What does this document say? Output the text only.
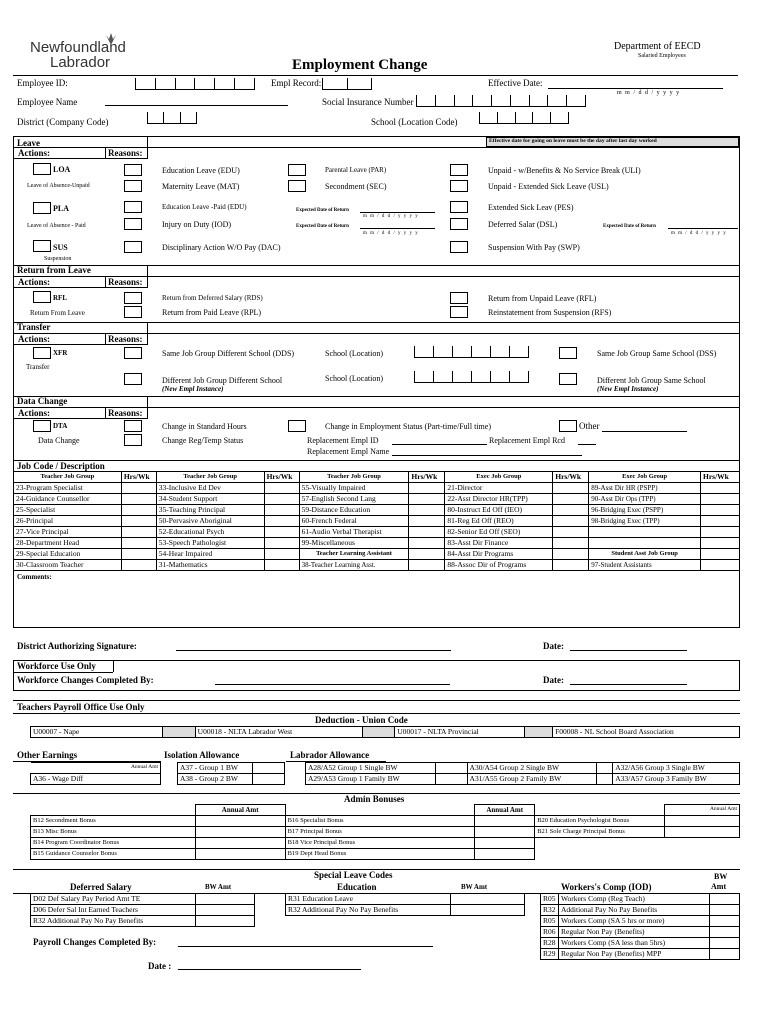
Newfoundland
Labrador
Department of EECD
Salaried Employees
Employment Change
Employee ID:	Empl Record:	Effective Date:
m m / d d / y y y y
Employee Name	Social Insurance Number
District (Company Code)	School (Location Code)
Leave	Effective date for going on leave must be the day after last day worked
Actions:	Reasons:
LOA
Leave of Absence-Unpaid
Education Leave (EDU)	Parental Leave (PAR)	Unpaid - w/Benefits & No Service Break (ULI)
Maternity Leave (MAT)	Secondment (SEC)	Unpaid - Extended Sick Leave (USL)
PLA
Leave of Absence - Paid
Education Leave -Paid (EDU)	Expected Date of Return
m m / d d / y y y y
Extended Sick Leav (PES)
Injury on Duty (IOD)	Expected Date of Return
m m / d d / y y y y
Deferred Salar (DSL)	Expected Date of Return
m m / d d / y y y y
SUS
Suspension
Disciplinary Action W/O Pay (DAC)	Suspension With Pay (SWP)
Return from Leave
Actions:	Reasons:
RFL
Return From Leave
Return from Deferred Salary (RDS)	Return from Unpaid Leave (RFL)
Return from Paid Leave (RPL)	Reinstatement from Suspension (RFS)
Transfer
Actions:	Reasons:
XFR
Transfer
Same Job Group Different School (DDS)	School (Location)	Same Job Group Same School (DSS)
Different Job Group Different School
(New Empl Instance)
School (Location)	Different Job Group Same School
(New Empl Instance)
Data Change
Actions:	Reasons:
DTA
Data Change
Change in Standard Hours	Change in Employment Status (Part-time/Full time)	Other
Change Reg/Temp Status	Replacement Empl ID	Replacement Empl Rcd
Replacement Empl Name
Job Code / Description
Teacher Job Group	Hrs/Wk	Teacher Job Group	Hrs/Wk	Teacher Job Group	Hrs/Wk	Exec Job Group	Hrs/Wk	Exec Job Group	Hrs/Wk
23-Program Specialist		33-Inclusive Ed Dev		55-Visually Impaired		21-Director		89-Asst Dir HR (PSPP)	
24-Guidance Counsellor		34-Student Support		57-English Second Lang		22-Asst Director HR(TPP)		90-Asst Dir Ops (TPP)	
25-Specialist		35-Teaching Principal		59-Distance Education		80-Instruct Ed Off (IEO)		96-Bridging Exec (PSPP)	
26-Principal		50-Pervasive Aboriginal		60-French Federal		81-Reg Ed Off (REO)		98-Bridging Exec (TPP)	
27-Vice Principal		52-Educational Psych		61-Audio Verbal Therapist		82-Senior Ed Off (SEO)			
28-Department Head		53-Speech Pathologist		99-Miscellaneous		83-Asst Dir Finance			
29-Special Education		54-Hear Impaired		Teacher Learning Assistant		84-Asst Dir Programs		Student Asst Job Group	
30-Classroom Teacher		31-Mathematics		38-Teacher Learning Asst.		88-Assoc Dir of Programs		97-Student Assistants	
Comments:
District Authorizing Signature:	Date:
Workforce Use Only
Workforce Changes Completed By:	Date:
Teachers Payroll Office Use Only
Deduction - Union Code
U00007 - Nape		U00018 - NLTA Labrador West		U00017 - NLTA Provincial		F00008 - NL School Board Association
Other Earnings
Annual Amt
A36 - Wage Diff
Isolation Allowance
A37 - Group 1 BW	
A38 - Group 2 BW	
Labrador Allowance
A28/A52 Group 1 Single BW		A30/A54 Group 2 Single BW		A32/A56 Group 3 Single BW
A29/A53 Group 1 Family BW		A31/A55 Group 2 Family BW		A33/A57 Group 3 Family BW
Admin Bonuses
	Annual Amt		Annual Amt		Annual Amt
B12 Secondment Bonus		B16 Specialist Bonus		B20 Education Psychologist Bonus	
B13 Misc Bonus		B17 Principal Bonus		B21 Sole Charge Principal Bonus	
B14 Program Coordinator Bonus		B18 Vice Principal Bonus			
B15 Guidance Counselor Bonus		B19 Dept Head Bonus			
Special Leave Codes
Deferred Salary	BW Amt	Education	BW Amt	Workers's Comp (IOD)
BW
Amt
D02 Def Salary Pay Period Amt TE	
D06 Defer Sal Int Earned Teachers	
R32 Additional Pay No Pay Benefits	
R31 Education Leave	
R32 Additional Pay No Pay Benefits	
R05	Workers Comp (Reg Teach)	
R32	Additional Pay No Pay Benefits	
R05	Workers Comp (SA 5 hrs or more)	
R06	Regular Non Pay (Benefits)	
R28	Workers Comp (SA less than 5hrs)	
R29	Regular Non Pay (Benefits) MPP	
Payroll Changes Completed By:
Date :
